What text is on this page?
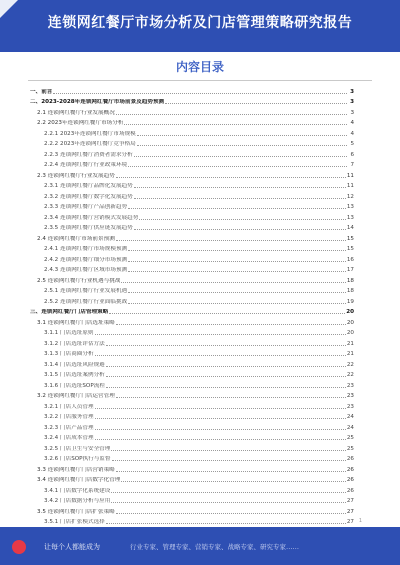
连锁网红餐厅市场分析及门店管理策略研究报告
内容目录
一、前言	3
二、2023-2028年连锁网红餐厅市场前景及趋势预测	3
2.1 连锁网红餐厅行业发展概况	3
2.2 2023年连锁网红餐厅市场分析	4
2.2.1 2023年连锁网红餐厅市场规模	4
2.2.2 2023年连锁网红餐厅竞争格局	5
2.2.3 连锁网红餐厅消费者需求分析	6
2.2.4 连锁网红餐厅行业政策环境	7
2.3 连锁网红餐厅行业发展趋势	11
2.3.1 连锁网红餐厅品牌化发展趋势	11
2.3.2 连锁网红餐厅数字化发展趋势	12
2.3.3 连锁网红餐厅产品创新趋势	13
2.3.4 连锁网红餐厅营销模式发展趋势	13
2.3.5 连锁网红餐厅供应链发展趋势	14
2.4 连锁网红餐厅市场前景预测	15
2.4.1 连锁网红餐厅市场规模预测	15
2.4.2 连锁网红餐厅细分市场预测	16
2.4.3 连锁网红餐厅区域市场预测	17
2.5 连锁网红餐厅行业机遇与挑战	18
2.5.1 连锁网红餐厅行业发展机遇	18
2.5.2 连锁网红餐厅行业面临挑战	19
三、连锁网红餐厅门店管理策略	20
3.1 连锁网红餐厅门店选址策略	20
3.1.1 门店选址原则	20
3.1.2 门店选址评估方法	21
3.1.3 门店商圈分析	21
3.1.4 门店选址风险规避	22
3.1.5 门店选址案例分析	22
3.1.6 门店选址SOP流程	23
3.2 连锁网红餐厅门店运营管理	23
3.2.1 门店人员管理	23
3.2.2 门店服务管理	24
3.2.3 门店产品管理	24
3.2.4 门店成本管理	25
3.2.5 门店卫生与安全管理	25
3.2.6 门店SOP执行与监督	26
3.3 连锁网红餐厅门店营销策略	26
3.4 连锁网红餐厅门店数字化管理	26
3.4.1 门店数字化系统建设	26
3.4.2 门店数据分析与应用	27
3.5 连锁网红餐厅门店扩张策略	27
3.5.1 门店扩张模式选择	27 1
让每个人都能成为	行业专家、管理专家、营销专家、战略专家、研究专家……
